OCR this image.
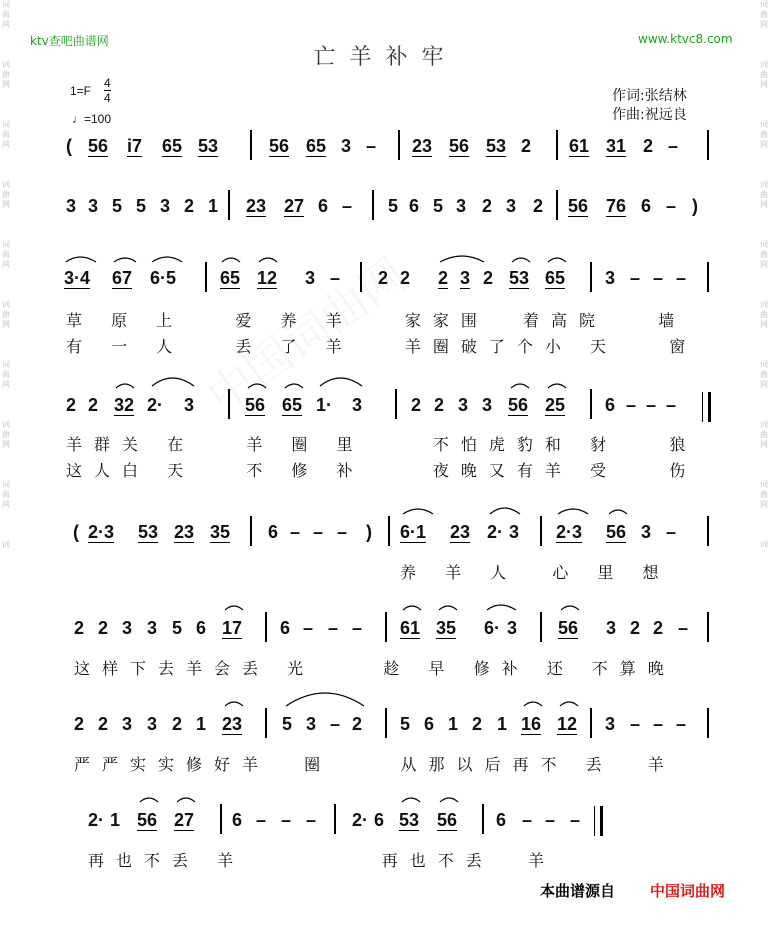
词
曲
网
词
曲
网
词
曲
网
词
曲
网
词
曲
网
词
曲
网
词
曲
网
词
曲
网
词
曲
网
词
词
曲
网
词
曲
网
词
曲
网
词
曲
网
词
曲
网
词
曲
网
词
曲
网
词
曲
网
词
曲
网
词
ktv查吧曲谱网	www.ktvc8.com
亡羊补牢
1=F
4
4
♩=100
作词:张结林
作曲:祝远良
( 56 i7 65 53	56 65 3 – 23 56 53 2 61 31 2 –
3 3 5 5 3 2 1 23 27 6 – 5 6 5 3 2 3 2 56 76 6 – )
3·4 67 6·5 65 12 3 – 2 2 2 3 2 53 65 3 – – –
2 2 32 2· 3	56 65 1· 3	2 2 3 3 56 25 6 – – –
( 2·3 53 23 35 6 – – – ) 6·1 23 2· 3 2·3 56 3 –
2 2 3 3 5 6 17 6 – – – 61 35 6· 3 56 3 2 2 –
2 2 3 3 2 1 23 5 3 – 2 5 6 1 2 1 16 12 3 – – –
2· 1 56 27 6 – – – 2· 6 53 56 6 – – –
草 原 上   爱 养 羊   家家围  着高院   墙
有 一 人   丢 了 羊   羊圈破了个小 天   窗
羊群关 在   羊 圈 里    不怕虎豹和 豺   狼
这人白 天   不 修 补    夜晚又有羊 受   伤
养 羊 人  心 里 想
这样下去羊会丢 光    趁 早 修补 还 不算晚
严严实实修好羊  圈    从那以后再不 丢  羊
再也不丢 羊        再也不丢  羊
本曲谱源自 中国词曲网
